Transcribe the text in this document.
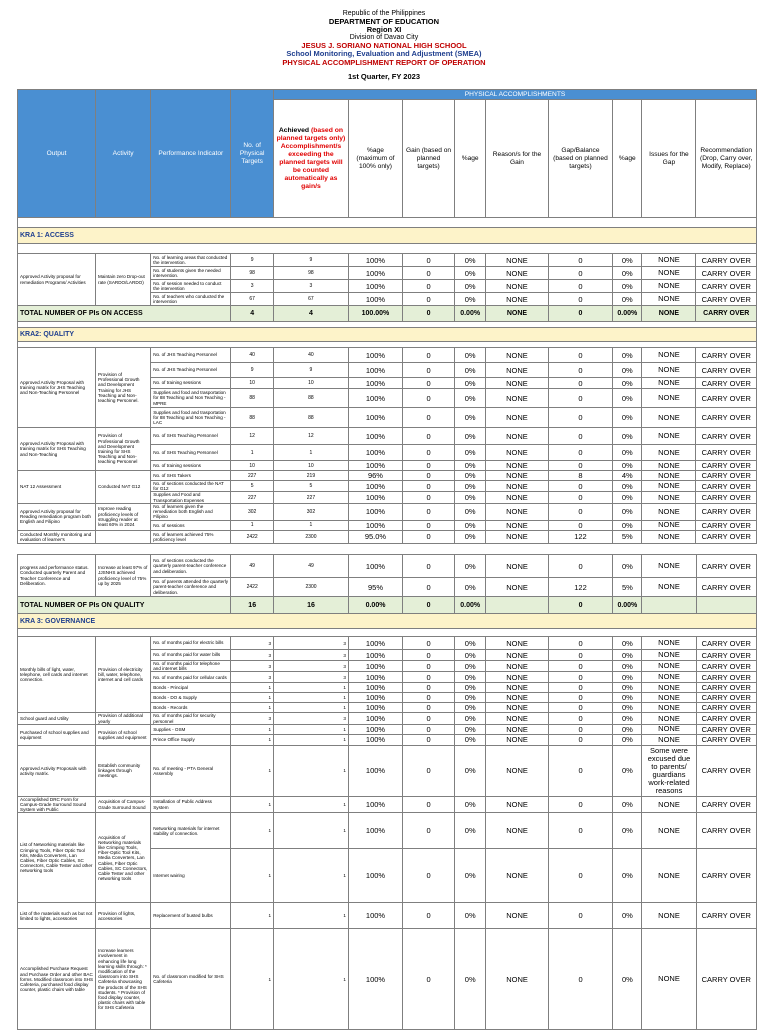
Republic of the Philippines
DEPARTMENT OF EDUCATION
Region XI
Division of Davao City
JESUS J. SORIANO NATIONAL HIGH SCHOOL
School Monitoring, Evaluation and Adjustment (SMEA)
PHYSICAL ACCOMPLISHMENT REPORT OF OPERATION
1st Quarter, FY 2023
Output	Activity	Performance Indicator	No. of Physical Targets	PHYSICAL ACCOMPLISHMENTS								
				Achieved (based on planned targets only) Accomplishment/s exceeding the planned targets will be counted automatically as gain/s	%age (maximum of 100% only)	Gain (based on planned targets)	%age	Reason/s for the Gain	Gap/Balance (based on planned targets)	%age	Issues for the Gap	Recommendation (Drop, Carry over, Modify, Replace)

KRA 1: ACCESS												

Approved Activity proposal for remediation Programs/ Activities	Maintain zero Drop-out rate (SARDO/LARDO)	No. of learning areas that conducted the intervention.	9	9	100%	0	0%	NONE	0	0%	NONE	CARRY OVER
		No. of students given the needed intervention.	98	98	100%	0	0%	NONE	0	0%	NONE	CARRY OVER
		No. of session needed to conduct the intervention	3	3	100%	0	0%	NONE	0	0%	NONE	CARRY OVER
		No. of teachers who conducted the intervention	67	67	100%	0	0%	NONE	0	0%	NONE	CARRY OVER
TOTAL NUMBER OF PIs ON ACCESS			4	4	100.00%	0	0.00%	NONE	0	0.00%	NONE	CARRY OVER

KRA2: QUALITY												

Approved Activity Proposal with training matrix for JHS Teaching and Non-Teaching Personnel	Provision of Professional Growth and Development Training for JHS Teaching and Non-teaching Personnel.	No. of JHS Teaching Personnel	40	40	100%	0	0%	NONE	0	0%	NONE	CARRY OVER
		No. of JHS Teaching Personnel	9	9	100%	0	0%	NONE	0	0%	NONE	CARRY OVER
		No. of training sessions	10	10	100%	0	0%	NONE	0	0%	NONE	CARRY OVER
		Supplies and food and trasportation for 88 Teaching and Non Teaching - MPRE	88	88	100%	0	0%	NONE	0	0%	NONE	CARRY OVER
		Supplies and food and trasportation for 88 Teaching and Non Teaching - LAC	88	88	100%	0	0%	NONE	0	0%	NONE	CARRY OVER
Approved Activity Proposal with training matrix for SHS Teaching and Non-Teaching	Provision of Professional Growth and Development training for SHS Teaching and Non-teaching Personnel	No. of SHS Teaching Personnel	12	12	100%	0	0%	NONE	0	0%	NONE	CARRY OVER
		No. of SHS Teaching Personnel	1	1	100%	0	0%	NONE	0	0%	NONE	CARRY OVER
		No. of training sessions	10	10	100%	0	0%	NONE	0	0%	NONE	CARRY OVER
NAT 12 Assessment	Conducted NAT G12	No. of SHS Takers	227	219	96%	0	0%	NONE	8	4%	NONE	CARRY OVER
		No. of sections conducted the NAT for G12	5	5	100%	0	0%	NONE	0	0%	NONE	CARRY OVER
		Supplies and Food and Transportation Expenses	227	227	100%	0	0%	NONE	0	0%	NONE	CARRY OVER
Approved Activity proposal for Reading remediation program both English and Filipino	Improve reading proficiency levels of struggling reader at least 60% in 2024	No. of learners given the remediation both English and Filipino	302	302	100%	0	0%	NONE	0	0%	NONE	CARRY OVER
		No. of sessions	1	1	100%	0	0%	NONE	0	0%	NONE	CARRY OVER
Conducted Monthly monitoring and evaluation of learner's		No. of learners achieved 75% proficiency level	2422	2300	95.0%	0	0%	NONE	122	5%	NONE	CARRY OVER
progress and performance status. Conducted quarterly Parent and Teacher Conference and Deliberation.	Increase at least 97% of JJSNHS achieved proficiency level of 75% up by 2025	No. of sections conducted the quarterly parent-teacher conference and deliberation.	49	49	100%	0	0%	NONE	0	0%	NONE	CARRY OVER
		No. of parents attended the quarterly parent-teacher conference and deliberation.	2422	2300	95%	0	0%	NONE	122	5%	NONE	CARRY OVER
TOTAL NUMBER OF PIs ON QUALITY			16	16	0.00%	0	0.00%		0	0.00%		
KRA 3: GOVERNANCE												

Monthly bills of light, water, telephone, cell cards and internet connection.	Provision of electricity bill, water, telephone, internet and cell cards	No. of months paid for electric bills	3	3	100%	0	0%	NONE	0	0%	NONE	CARRY OVER
		No. of months paid for water bills	3	3	100%	0	0%	NONE	0	0%	NONE	CARRY OVER
		No. of months paid for telephone and internet bills	3	3	100%	0	0%	NONE	0	0%	NONE	CARRY OVER
		No. of months paid for cellular cards	3	3	100%	0	0%	NONE	0	0%	NONE	CARRY OVER
		Bonds - Principal	1	1	100%	0	0%	NONE	0	0%	NONE	CARRY OVER
		Bonds - DO & Supply	1	1	100%	0	0%	NONE	0	0%	NONE	CARRY OVER
		Bonds - Records	1	1	100%	0	0%	NONE	0	0%	NONE	CARRY OVER
School guard and Utility	Provision of additional yearly	No. of months paid for security personnel	3	3	100%	0	0%	NONE	0	0%	NONE	CARRY OVER
Purchased of school supplies and equipment	Provision of school supplies and equipment	Supplies - OSM	1	1	100%	0	0%	NONE	0	0%	NONE	CARRY OVER
		Prince Office Supply	1	1	100%	0	0%	NONE	0	0%	NONE	CARRY OVER
Approved Activity Proposals with activity matrix.	Establish community linkages through meetings.	No. of meeting - PTA General Assembly	1	1	100%	0	0%	NONE	0	0%	Some were excused due to parents/ guardians work-related reasons	CARRY OVER
Accomplished DRC Form for Campus-Grade Surround Sound System with Public	Acquisition of Campus-Grade Surround Sound	Installation of Public Address System	1	1	100%	0	0%	NONE	0	0%	NONE	CARRY OVER
List of Networking materials like Crimping Tools, Fiber Optic Tool Kits, Media Converters, Lan Cables, Fiber Optic Cables, SC Connectors, Cable Tester and other networking tools	Acquisition of Networking materials like Crimping Tools, Fiber-Optic Tool Kits, Media Converters, Lan Cables, Fiber Optic Cables, SC Connectors, Cable Tester and other networking tools	Networking materials for internet stability of connection.	1	1	100%	0	0%	NONE	0	0%	NONE	CARRY OVER
		Internet wairing	1	1	100%	0	0%	NONE	0	0%	NONE	CARRY OVER
List of the materials such as but not limited to lights, accessories	Provision of lights, accessories	Replacement of busted bulbs	1	1	100%	0	0%	NONE	0	0%	NONE	CARRY OVER
Accomplished Purchase Request and Purchase Order and other BAC forms. Modified classroom into SHS Cafeteria, purchased food display counter, plastic chairs with table	Increase learners involvement in enhancing life long learning skills through: * modification of the classroom into SHS Cafeteria showcasing the products of the SHS students. * Provision of food display counter, plastic chairs with table for SHS Cafeteria	No. of classroom modified for SHS Cafeteria	1	1	100%	0	0%	NONE	0	0%	NONE	CARRY OVER
